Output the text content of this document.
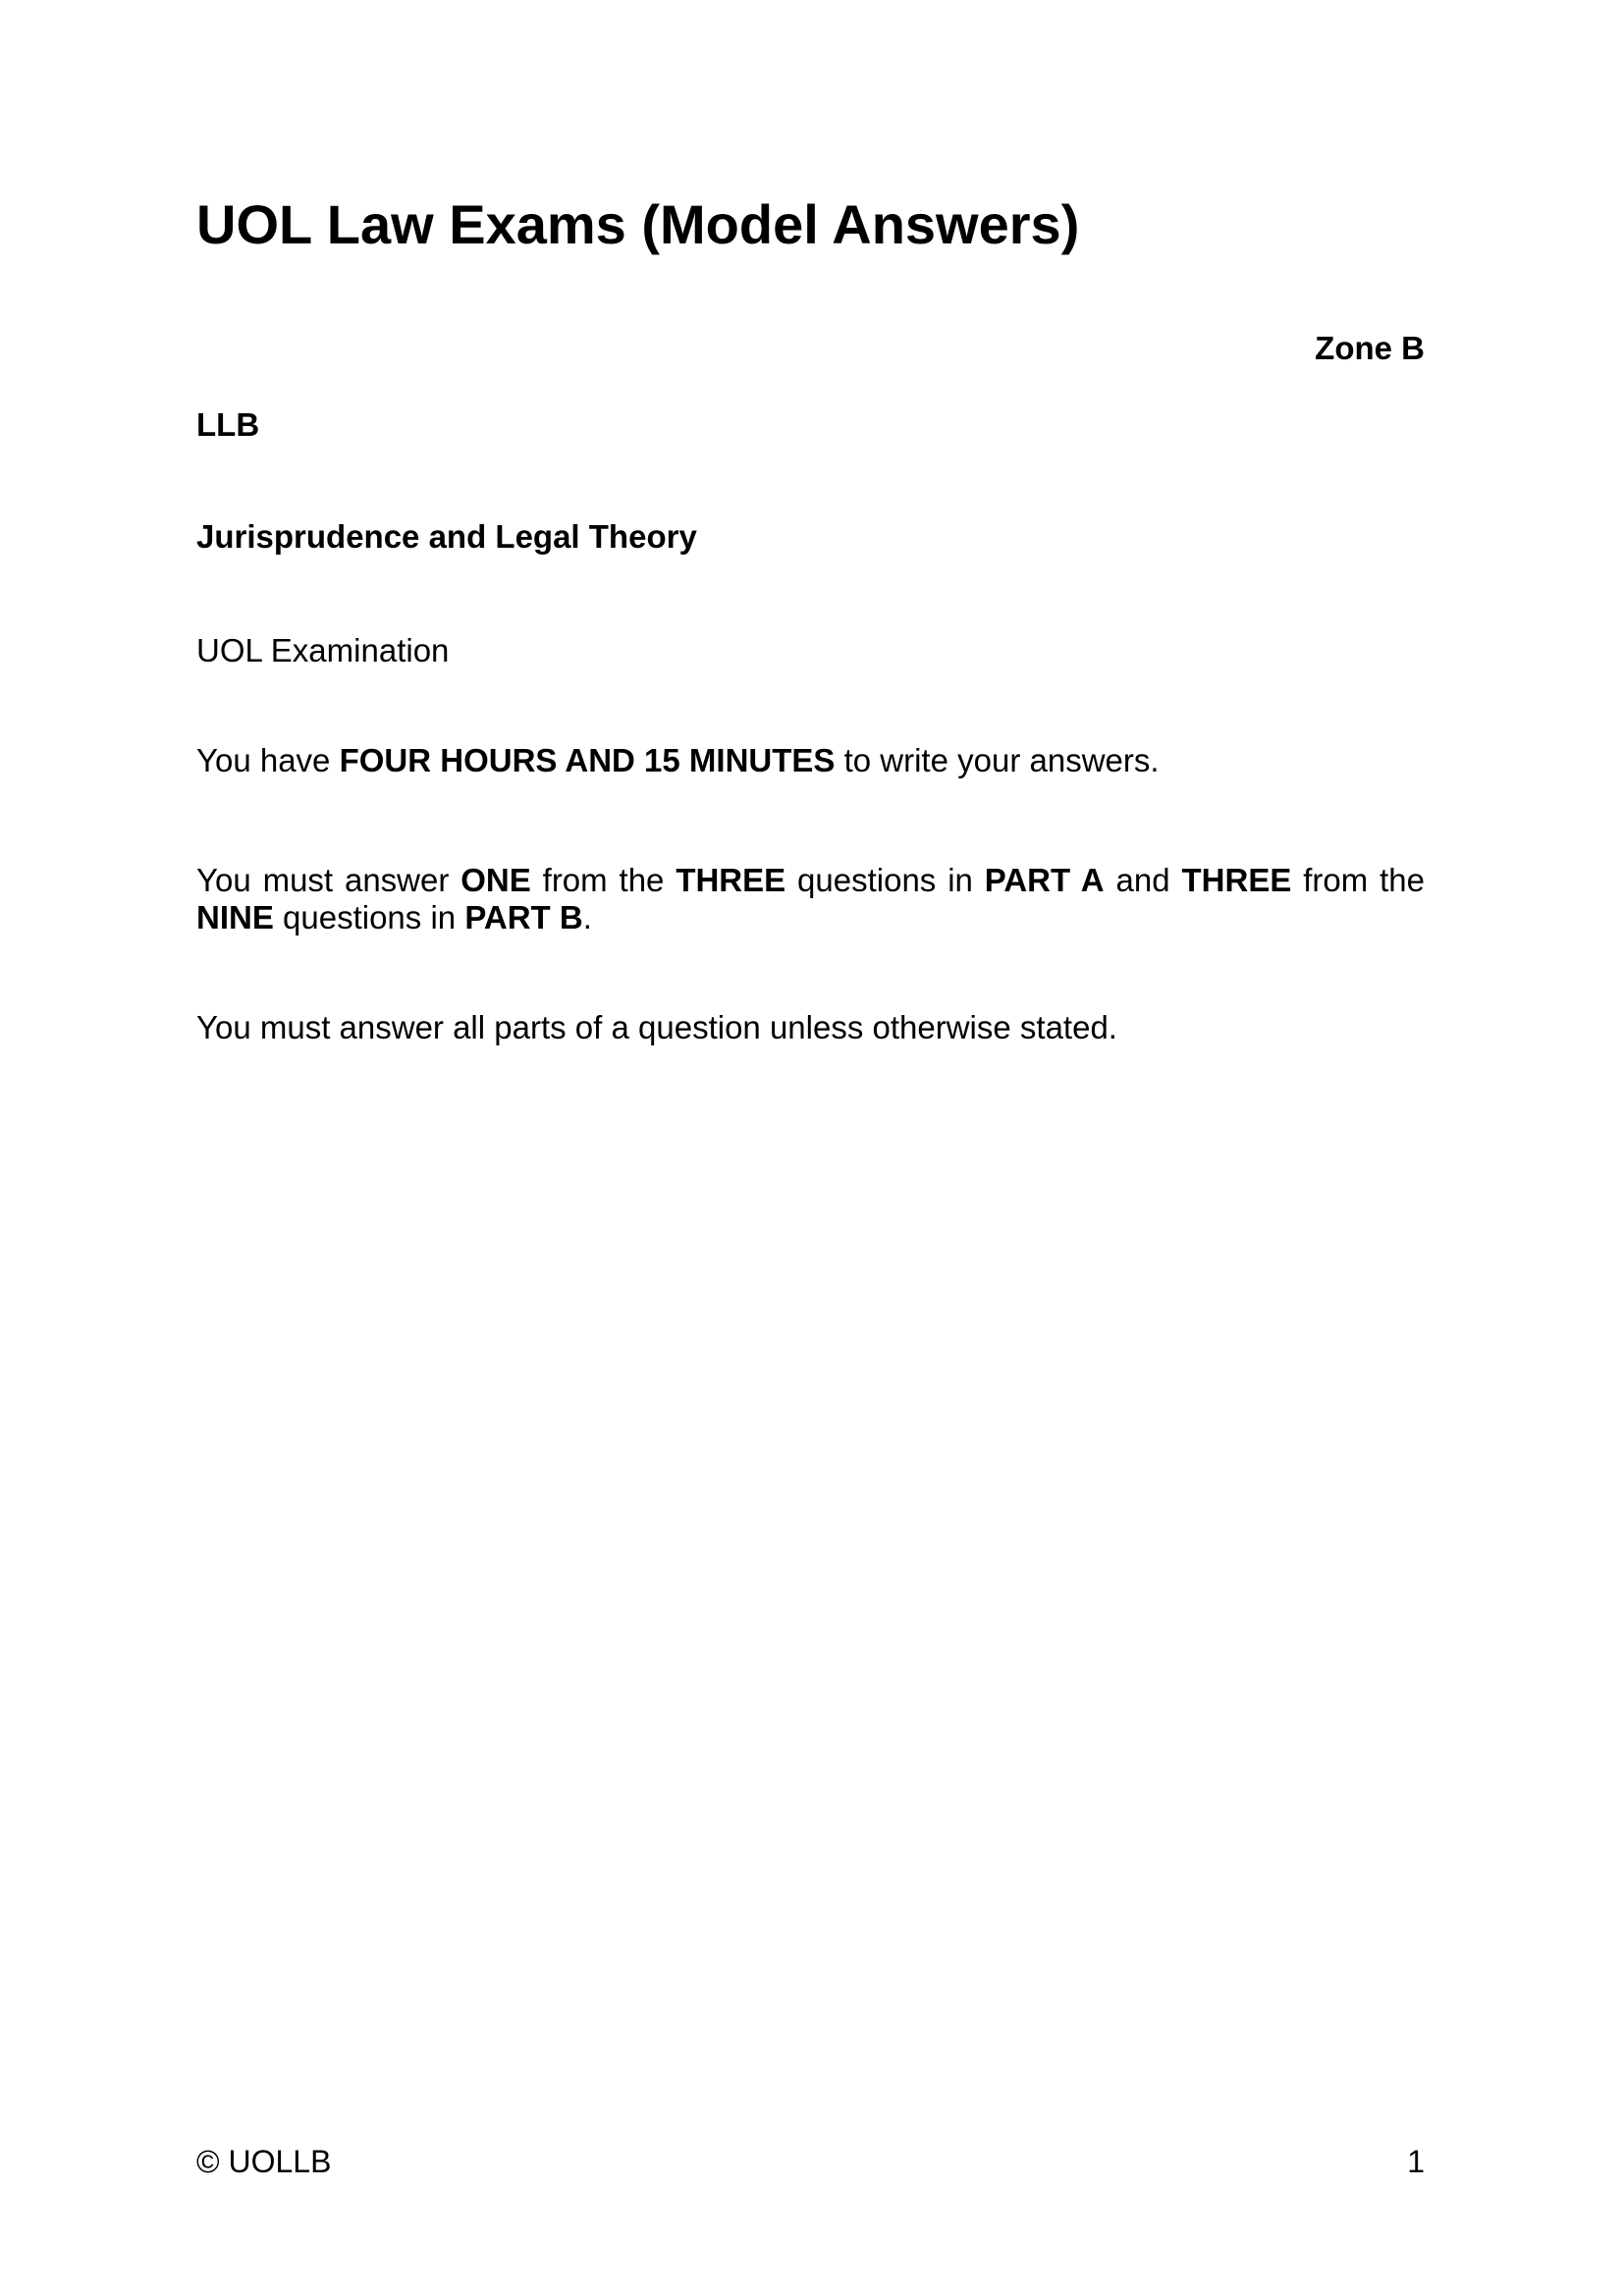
UOL Law Exams (Model Answers)
Zone B
LLB
Jurisprudence and Legal Theory
UOL Examination

You have FOUR HOURS AND 15 MINUTES to write your answers.

You must answer ONE from the THREE questions in PART A and THREE from the NINE questions in PART B.

You must answer all parts of a question unless otherwise stated.

© UOLLB	1
